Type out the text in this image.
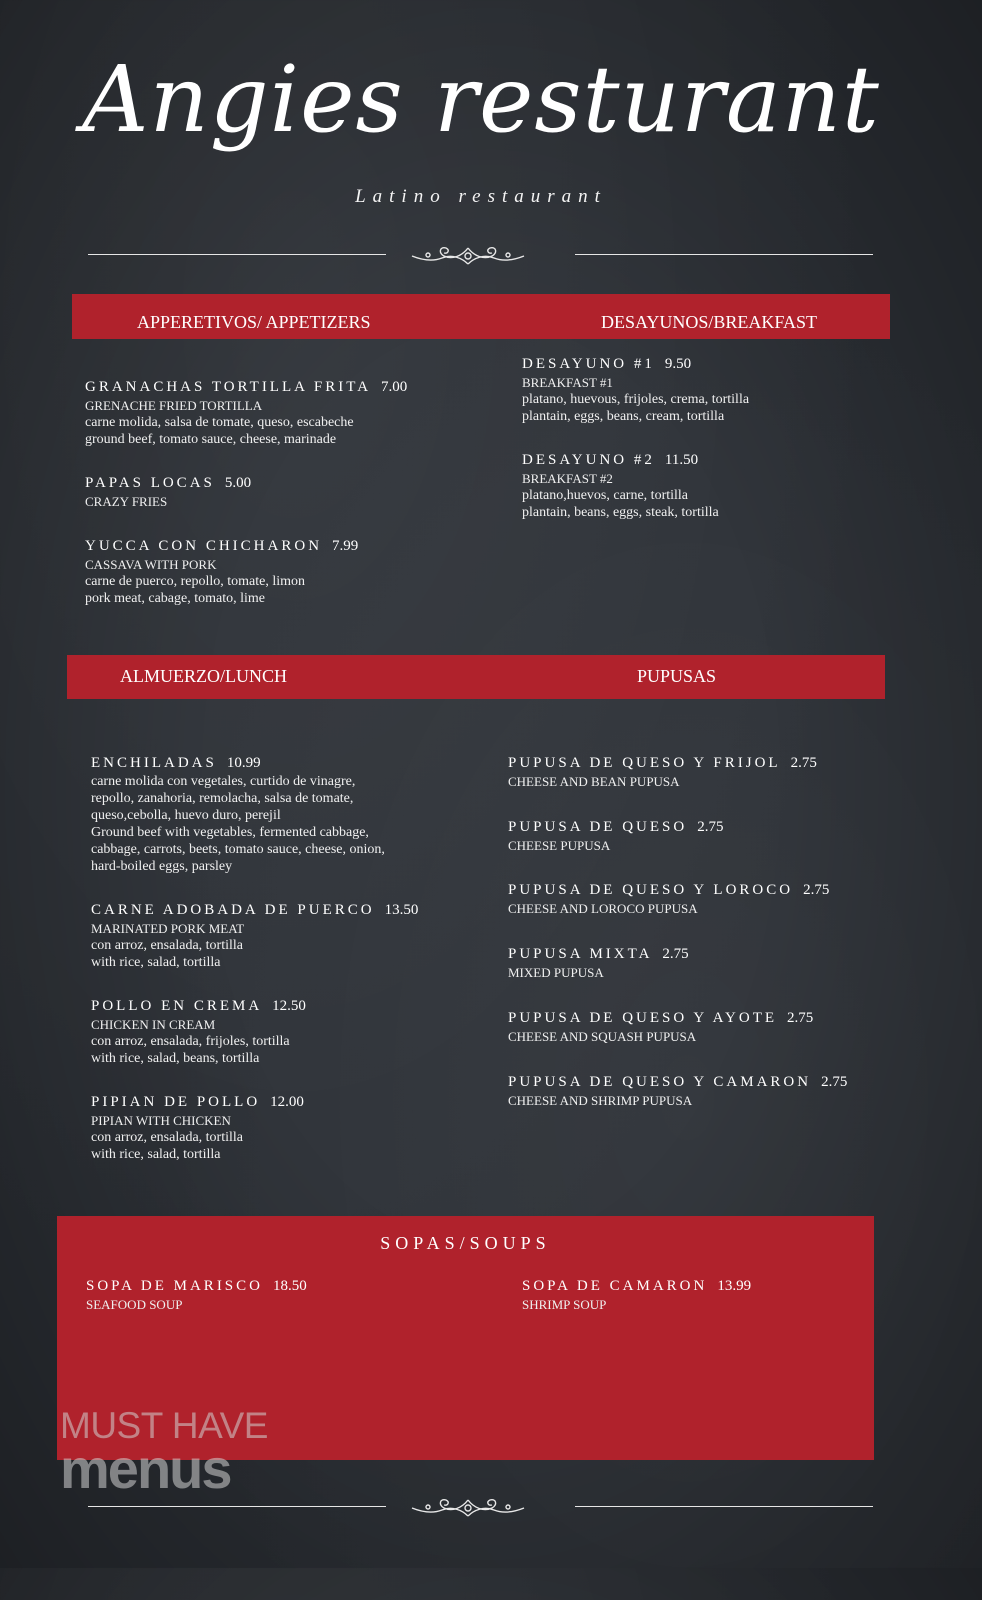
Angies resturant
Latino restaurant
APPERETIVOS/ APPETIZERS	DESAYUNOS/BREAKFAST
GRANACHAS TORTILLA FRITA 7.00
GRENACHE FRIED TORTILLA
carne molida, salsa de tomate, queso, escabeche
ground beef, tomato sauce, cheese, marinade
PAPAS LOCAS 5.00
CRAZY FRIES
YUCCA CON CHICHARON 7.99
CASSAVA WITH PORK
carne de puerco, repollo, tomate, limon
pork meat, cabage, tomato, lime
DESAYUNO #1 9.50
BREAKFAST #1
platano, huevous, frijoles, crema, tortilla
plantain, eggs, beans, cream, tortilla
DESAYUNO #2 11.50
BREAKFAST #2
platano,huevos, carne, tortilla
plantain, beans, eggs, steak, tortilla
ALMUERZO/LUNCH	PUPUSAS
ENCHILADAS 10.99
carne molida con vegetales, curtido de vinagre,
repollo, zanahoria, remolacha, salsa de tomate,
queso,cebolla, huevo duro, perejil
Ground beef with vegetables, fermented cabbage,
cabbage, carrots, beets, tomato sauce, cheese, onion,
hard-boiled eggs, parsley
CARNE ADOBADA DE PUERCO 13.50
MARINATED PORK MEAT
con arroz, ensalada, tortilla
with rice, salad, tortilla
POLLO EN CREMA 12.50
CHICKEN IN CREAM
con arroz, ensalada, frijoles, tortilla
with rice, salad, beans, tortilla
PIPIAN DE POLLO 12.00
PIPIAN WITH CHICKEN
con arroz, ensalada, tortilla
with rice, salad, tortilla
PUPUSA DE QUESO Y FRIJOL 2.75
CHEESE AND BEAN PUPUSA
PUPUSA DE QUESO 2.75
CHEESE PUPUSA
PUPUSA DE QUESO Y LOROCO 2.75
CHEESE AND LOROCO PUPUSA
PUPUSA MIXTA 2.75
MIXED PUPUSA
PUPUSA DE QUESO Y AYOTE 2.75
CHEESE AND SQUASH PUPUSA
PUPUSA DE QUESO Y CAMARON 2.75
CHEESE AND SHRIMP PUPUSA
SOPAS/SOUPS
SOPA DE MARISCO 18.50
SEAFOOD SOUP
SOPA DE CAMARON 13.99
SHRIMP SOUP
MUST HAVE
menus
